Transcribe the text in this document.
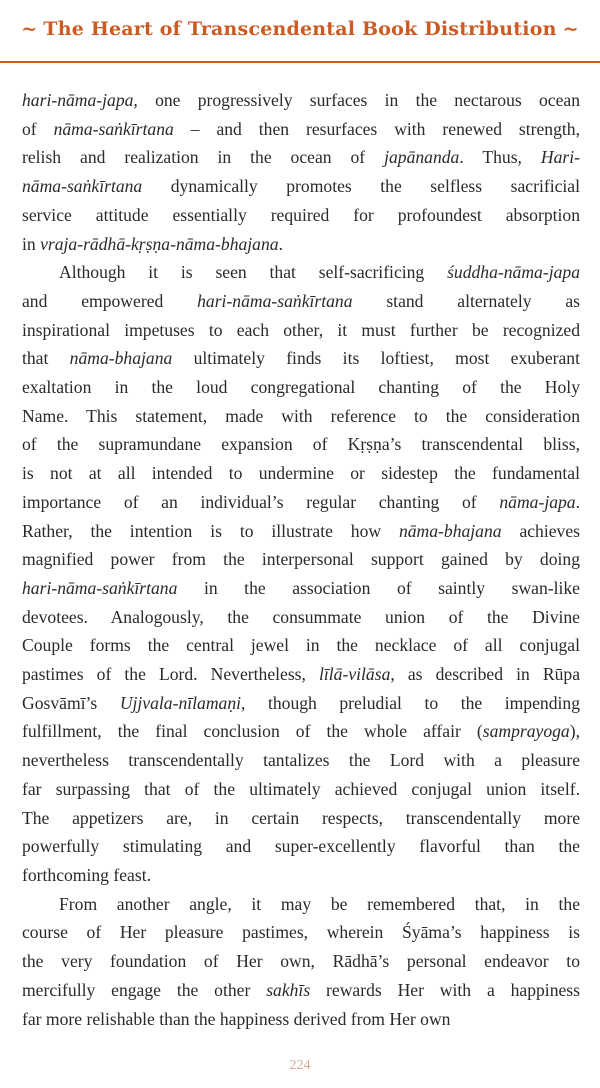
~ The Heart of Transcendental Book Distribution ~
hari-nāma-japa, one progressively surfaces in the nectarous ocean
of nāma-saṅkīrtana – and then resurfaces with renewed strength,
relish and realization in the ocean of japānanda. Thus, Hari-
nāma-saṅkīrtana dynamically promotes the selfless sacrificial
service attitude essentially required for profoundest absorption
in vraja-rādhā-kṛṣṇa-nāma-bhajana.
Although it is seen that self-sacrificing śuddha-nāma-japa
and empowered hari-nāma-saṅkīrtana stand alternately as
inspirational impetuses to each other, it must further be recognized
that nāma-bhajana ultimately finds its loftiest, most exuberant
exaltation in the loud congregational chanting of the Holy
Name. This statement, made with reference to the consideration
of the supramundane expansion of Kṛṣṇa’s transcendental bliss,
is not at all intended to undermine or sidestep the fundamental
importance of an individual’s regular chanting of nāma-japa.
Rather, the intention is to illustrate how nāma-bhajana achieves
magnified power from the interpersonal support gained by doing
hari-nāma-saṅkīrtana in the association of saintly swan-like
devotees. Analogously, the consummate union of the Divine
Couple forms the central jewel in the necklace of all conjugal
pastimes of the Lord. Nevertheless, līlā-vilāsa, as described in Rūpa
Gosvāmī’s Ujjvala-nīlamaṇi, though preludial to the impending
fulfillment, the final conclusion of the whole affair (samprayoga),
nevertheless transcendentally tantalizes the Lord with a pleasure
far surpassing that of the ultimately achieved conjugal union itself.
The appetizers are, in certain respects, transcendentally more
powerfully stimulating and super-excellently flavorful than the
forthcoming feast.
From another angle, it may be remembered that, in the
course of Her pleasure pastimes, wherein Śyāma’s happiness is
the very foundation of Her own, Rādhā’s personal endeavor to
mercifully engage the other sakhīs rewards Her with a happiness
far more relishable than the happiness derived from Her own
224
